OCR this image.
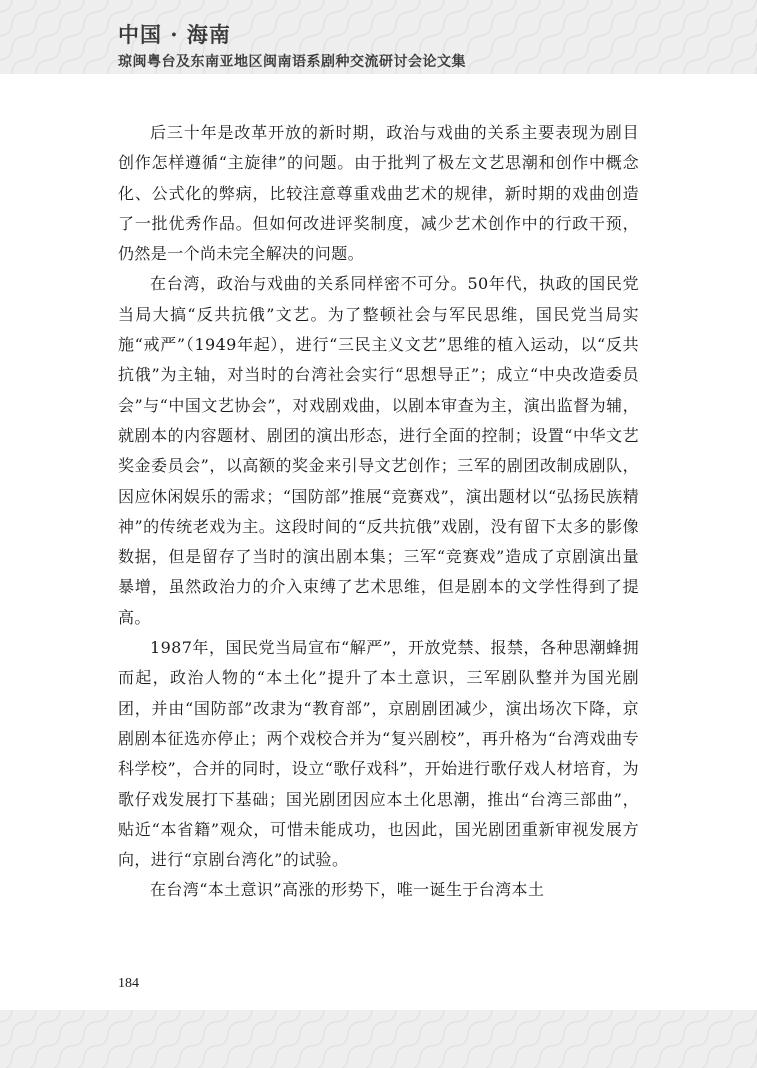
中国 · 海南
琼闽粤台及东南亚地区闽南语系剧种交流研讨会论文集

后三十年是改革开放的新时期，政治与戏曲的关系主要表现为剧目创作怎样遵循“主旋律”的问题。由于批判了极左文艺思潮和创作中概念化、公式化的弊病，比较注意尊重戏曲艺术的规律，新时期的戏曲创造了一批优秀作品。但如何改进评奖制度，减少艺术创作中的行政干预，仍然是一个尚未完全解决的问题。

在台湾，政治与戏曲的关系同样密不可分。50年代，执政的国民党当局大搞“反共抗俄”文艺。为了整顿社会与军民思维，国民党当局实施“戒严”（1949年起），进行“三民主义文艺”思维的植入运动，以“反共抗俄”为主轴，对当时的台湾社会实行“思想导正”；成立“中央改造委员会”与“中国文艺协会”，对戏剧戏曲，以剧本审查为主，演出监督为辅，就剧本的内容题材、剧团的演出形态，进行全面的控制；设置“中华文艺奖金委员会”，以高额的奖金来引导文艺创作；三军的剧团改制成剧队，因应休闲娱乐的需求；“国防部”推展“竞赛戏”，演出题材以“弘扬民族精神”的传统老戏为主。这段时间的“反共抗俄”戏剧，没有留下太多的影像数据，但是留存了当时的演出剧本集；三军“竞赛戏”造成了京剧演出量暴增，虽然政治力的介入束缚了艺术思维，但是剧本的文学性得到了提高。

1987年，国民党当局宣布“解严”，开放党禁、报禁，各种思潮蜂拥而起，政治人物的“本土化”提升了本土意识，三军剧队整并为国光剧团，并由“国防部”改隶为“教育部”，京剧剧团减少，演出场次下降，京剧剧本征选亦停止；两个戏校合并为“复兴剧校”，再升格为“台湾戏曲专科学校”，合并的同时，设立“歌仔戏科”，开始进行歌仔戏人材培育，为歌仔戏发展打下基础；国光剧团因应本土化思潮，推出“台湾三部曲”，贴近“本省籍”观众，可惜未能成功，也因此，国光剧团重新审视发展方向，进行“京剧台湾化”的试验。

在台湾“本土意识”高涨的形势下，唯一诞生于台湾本土

184
